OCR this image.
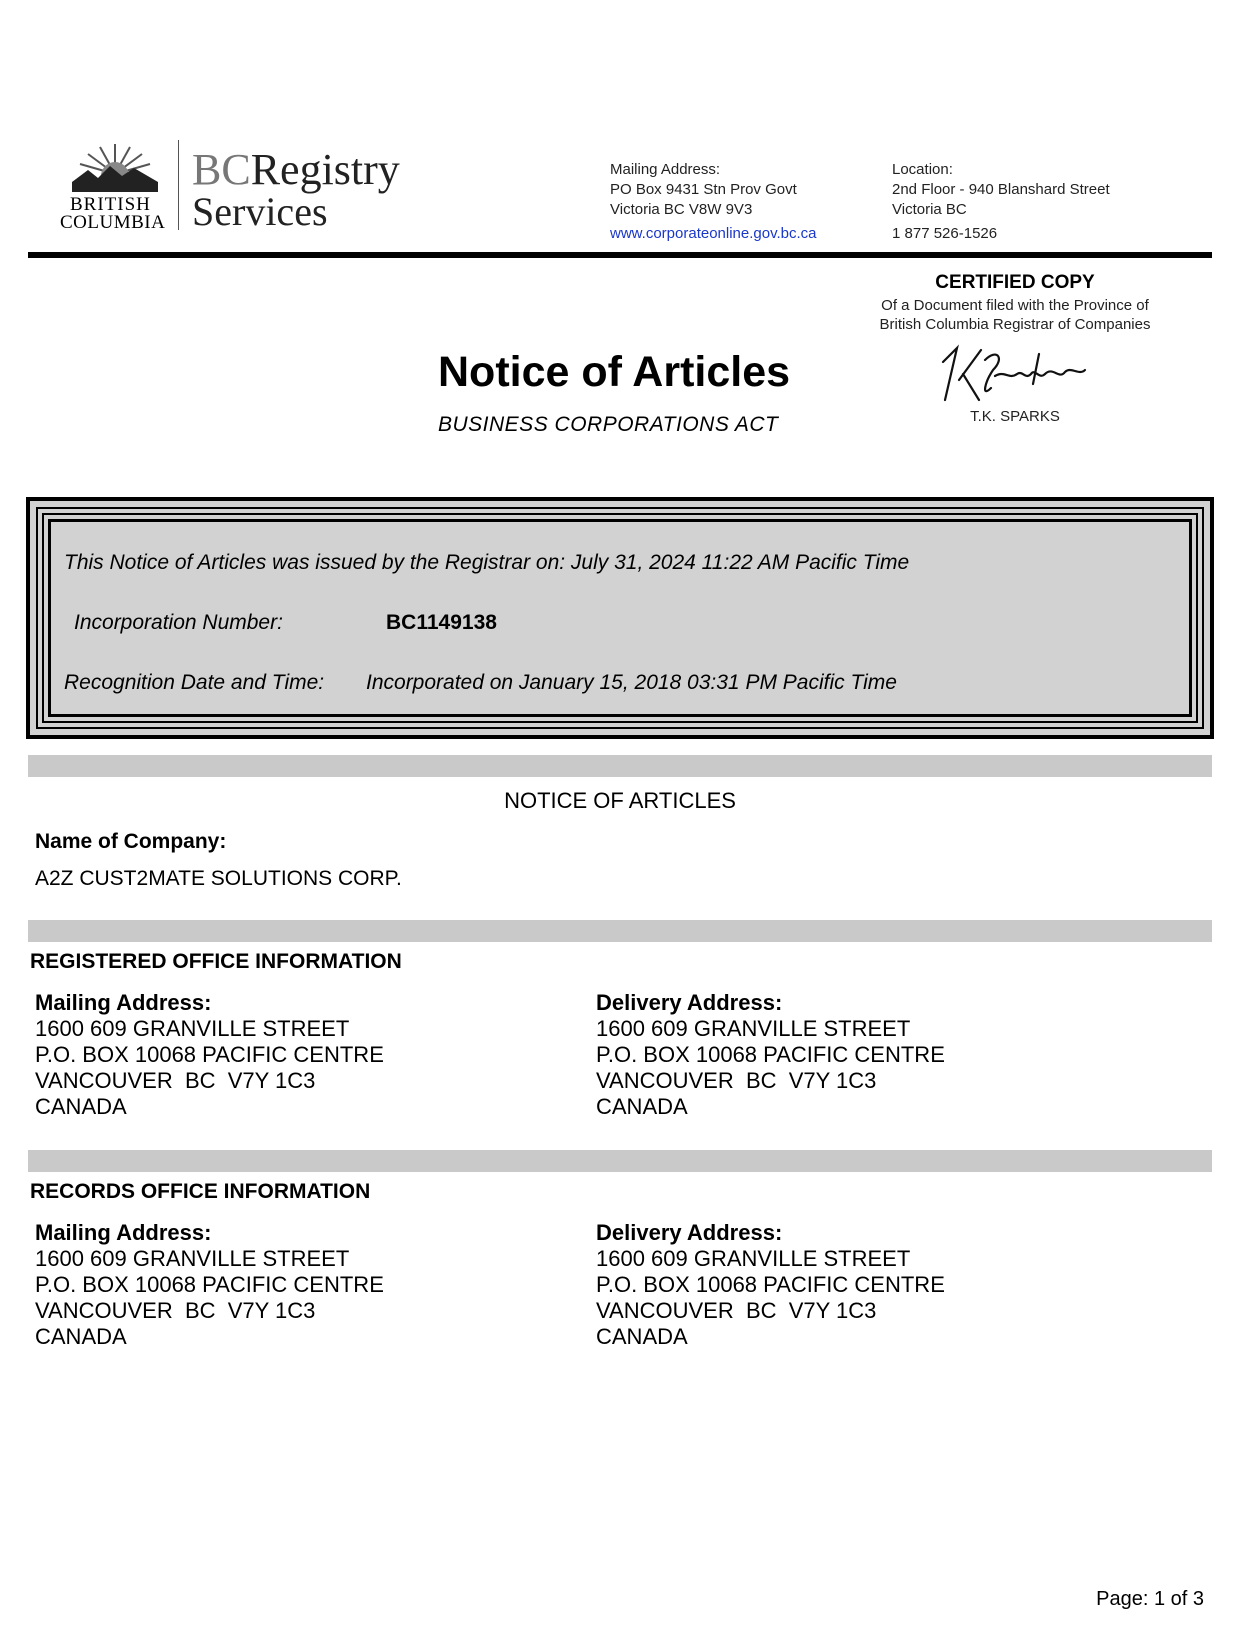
BRITISH
COLUMBIA
BCRegistry
Services
Mailing Address:
PO Box 9431 Stn Prov Govt
Victoria BC V8W 9V3
www.corporateonline.gov.bc.ca
Location:
2nd Floor - 940 Blanshard Street
Victoria BC
1 877 526-1526
CERTIFIED COPY
Of a Document filed with the Province of
British Columbia Registrar of Companies
T.K. SPARKS
Notice of Articles
BUSINESS CORPORATIONS ACT
This Notice of Articles was issued by the Registrar on: July 31, 2024 11:22 AM Pacific Time
Incorporation Number:	BC1149138
Recognition Date and Time: Incorporated on January 15, 2018 03:31 PM Pacific Time
NOTICE OF ARTICLES
Name of Company:
A2Z CUST2MATE SOLUTIONS CORP.
REGISTERED OFFICE INFORMATION
Mailing Address:
1600 609 GRANVILLE STREET
P.O. BOX 10068 PACIFIC CENTRE
VANCOUVER  BC  V7Y 1C3
CANADA
Delivery Address:
1600 609 GRANVILLE STREET
P.O. BOX 10068 PACIFIC CENTRE
VANCOUVER  BC  V7Y 1C3
CANADA
RECORDS OFFICE INFORMATION
Mailing Address:
1600 609 GRANVILLE STREET
P.O. BOX 10068 PACIFIC CENTRE
VANCOUVER  BC  V7Y 1C3
CANADA
Delivery Address:
1600 609 GRANVILLE STREET
P.O. BOX 10068 PACIFIC CENTRE
VANCOUVER  BC  V7Y 1C3
CANADA
Page: 1 of 3
